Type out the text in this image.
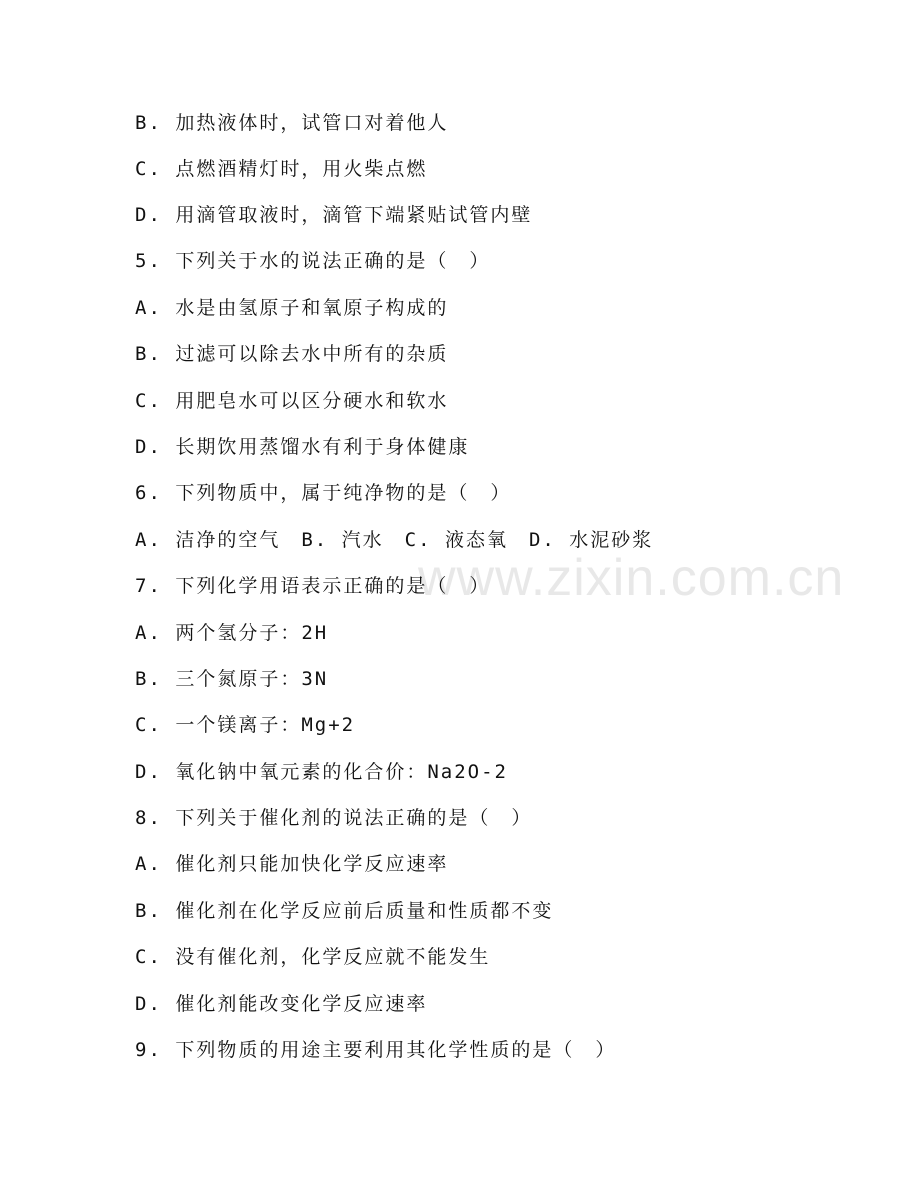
www.zixin.com.cn
B. 加热液体时，试管口对着他人
C. 点燃酒精灯时，用火柴点燃
D. 用滴管取液时，滴管下端紧贴试管内壁
5. 下列关于水的说法正确的是（　）
A. 水是由氢原子和氧原子构成的
B. 过滤可以除去水中所有的杂质
C. 用肥皂水可以区分硬水和软水
D. 长期饮用蒸馏水有利于身体健康
6. 下列物质中，属于纯净物的是（　）
A. 洁净的空气　B. 汽水　C. 液态氧　D. 水泥砂浆
7. 下列化学用语表示正确的是（　）
A. 两个氢分子：2H
B. 三个氮原子：3N
C. 一个镁离子：Mg+2
D. 氧化钠中氧元素的化合价：Na2O-2
8. 下列关于催化剂的说法正确的是（　）
A. 催化剂只能加快化学反应速率
B. 催化剂在化学反应前后质量和性质都不变
C. 没有催化剂，化学反应就不能发生
D. 催化剂能改变化学反应速率
9. 下列物质的用途主要利用其化学性质的是（　）
